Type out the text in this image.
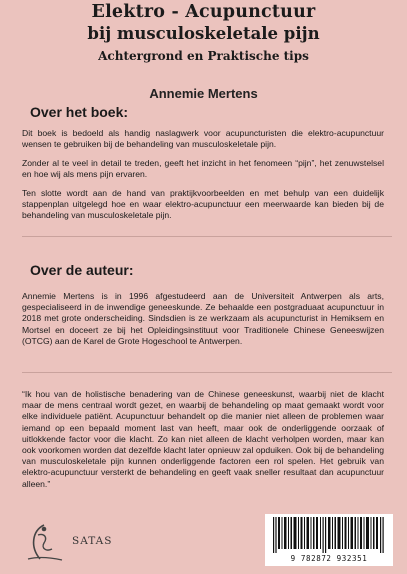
Elektro - Acupunctuur
bij musculoskeletale pijn
Achtergrond en Praktische tips
Annemie Mertens
Over het boek:

Dit boek is bedoeld als handig naslagwerk voor acupuncturisten die elektro-acupunctuur wensen te gebruiken bij de behandeling van musculoskeletale pijn.

Zonder al te veel in detail te treden, geeft het inzicht in het fenomeen “pijn”, het zenuwstelsel en hoe wij als mens pijn ervaren.

Ten slotte wordt aan de hand van praktijkvoorbeelden en met behulp van een duidelijk stappenplan uitgelegd hoe en waar elektro-acupunctuur een meerwaarde kan bieden bij de behandeling van musculoskeletale pijn.

Over de auteur:

Annemie Mertens is in 1996 afgestudeerd aan de Universiteit Antwerpen als arts, gespecialiseerd in de inwendige geneeskunde. Ze behaalde een postgraduaat acupunctuur in 2018 met grote onderscheiding. Sindsdien is ze werkzaam als acupuncturist in Hemiksem en Mortsel en doceert ze bij het Opleidingsinstituut voor Traditionele Chinese Geneeswijzen (OTCG) aan de Karel de Grote Hogeschool te Antwerpen.

“Ik hou van de holistische benadering van de Chinese geneeskunst, waarbij niet de klacht maar de mens centraal wordt gezet, en waarbij de behandeling op maat gemaakt wordt voor elke individuele patiënt. Acupunctuur behandelt op die manier niet alleen de problemen waar iemand op een bepaald moment last van heeft, maar ook de onderliggende oorzaak of uitlokkende factor voor die klacht. Zo kan niet alleen de klacht verholpen worden, maar kan ook voorkomen worden dat dezelfde klacht later opnieuw zal opduiken. Ook bij de behandeling van musculoskeletale pijn kunnen onderliggende factoren een rol spelen. Het gebruik van elektro-acupunctuur versterkt de behandeling en geeft vaak sneller resultaat dan acupunctuur alleen.”

SATAS
9 782872 932351
